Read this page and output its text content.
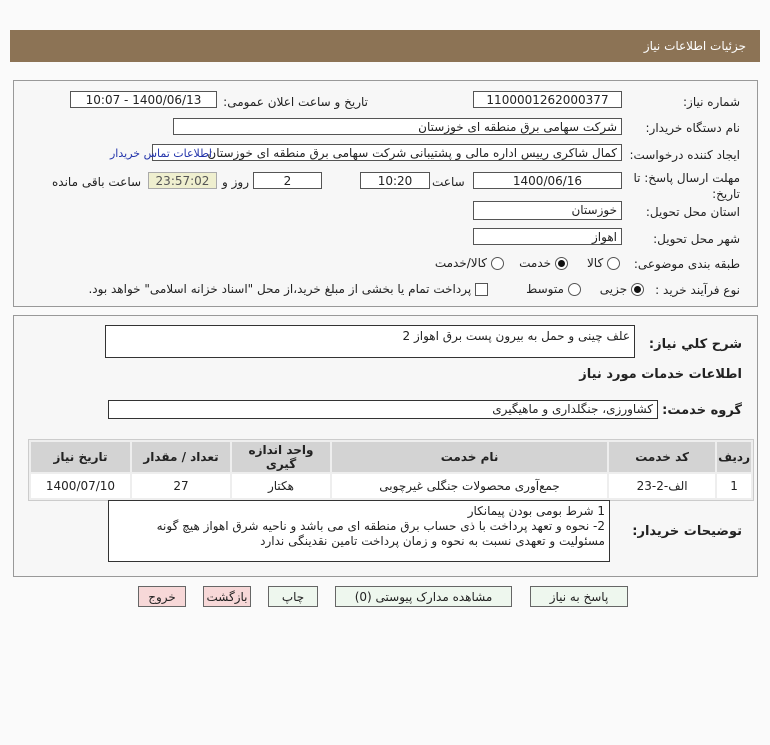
جزئیات اطلاعات نیاز
شماره نیاز:
1100001262000377
تاریخ و ساعت اعلان عمومی:
1400/06/13 - 10:07
نام دستگاه خریدار:
شرکت سهامی برق منطقه ای خوزستان
ایجاد کننده درخواست:
کمال شاکری رییس اداره مالی و پشتیبانی شرکت سهامی برق منطقه ای خوزستان
اطلاعات تماس خریدار
مهلت ارسال پاسخ: تا تاریخ:
1400/06/16
ساعت
10:20
2
روز و
23:57:02
ساعت باقی مانده
استان محل تحویل:
خوزستان
شهر محل تحویل:
اهواز
طبقه بندی موضوعی:
کالا      خدمت     کالا/خدمت
نوع فرآیند خرید :
جزیی      متوسط           پرداخت تمام یا بخشی از مبلغ خرید،از محل "اسناد خزانه اسلامی" خواهد بود.
شرح کلي نياز:
علف چینی و حمل به بیرون پست برق اهواز 2
اطلاعات خدمات مورد نیاز
گروه خدمت:
کشاورزی، جنگلداری و ماهیگیری
ردیف	کد خدمت	نام خدمت	واحد اندازه گیری	تعداد / مقدار	تاریخ نیاز
1	الف-2-23	جمع‌آوری محصولات جنگلی غیرچوبی	هکتار	27	1400/07/10
توضیحات خریدار:
1 شرط بومی بودن پیمانکار
2- نحوه و تعهد پرداخت با ذی حساب برق منطقه ای می باشد و ناحیه شرق اهواز هیچ گونه مسئولیت و تعهدی نسبت به نحوه و زمان پرداخت تامین نقدینگی ندارد
پاسخ به نیاز
مشاهده مدارک پیوستی (0)
چاپ
بازگشت
خروج
